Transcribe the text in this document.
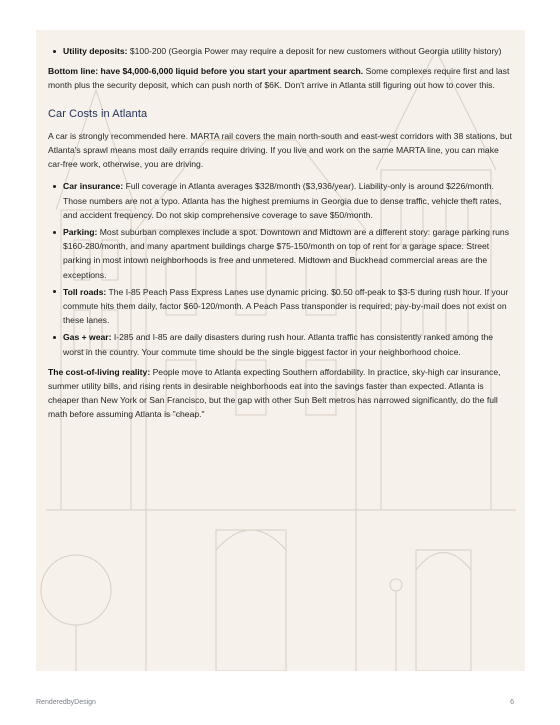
Utility deposits: $100-200 (Georgia Power may require a deposit for new customers without Georgia utility history)

Bottom line: have $4,000-6,000 liquid before you start your apartment search. Some complexes require first and last month plus the security deposit, which can push north of $6K. Don't arrive in Atlanta still figuring out how to cover this.

Car Costs in Atlanta

A car is strongly recommended here. MARTA rail covers the main north-south and east-west corridors with 38 stations, but Atlanta's sprawl means most daily errands require driving. If you live and work on the same MARTA line, you can make car-free work, otherwise, you are driving.

Car insurance: Full coverage in Atlanta averages $328/month ($3,936/year). Liability-only is around $226/month. Those numbers are not a typo. Atlanta has the highest premiums in Georgia due to dense traffic, vehicle theft rates, and accident frequency. Do not skip comprehensive coverage to save $50/month.
Parking: Most suburban complexes include a spot. Downtown and Midtown are a different story: garage parking runs $160-280/month, and many apartment buildings charge $75-150/month on top of rent for a garage space. Street parking in most intown neighborhoods is free and unmetered. Midtown and Buckhead commercial areas are the exceptions.
Toll roads: The I-85 Peach Pass Express Lanes use dynamic pricing. $0.50 off-peak to $3-5 during rush hour. If your commute hits them daily, factor $60-120/month. A Peach Pass transponder is required; pay-by-mail does not exist on these lanes.
Gas + wear: I-285 and I-85 are daily disasters during rush hour. Atlanta traffic has consistently ranked among the worst in the country. Your commute time should be the single biggest factor in your neighborhood choice.

The cost-of-living reality: People move to Atlanta expecting Southern affordability. In practice, sky-high car insurance, summer utility bills, and rising rents in desirable neighborhoods eat into the savings faster than expected. Atlanta is cheaper than New York or San Francisco, but the gap with other Sun Belt metros has narrowed significantly, do the full math before assuming Atlanta is "cheap."

RenderedbyDesign	6
